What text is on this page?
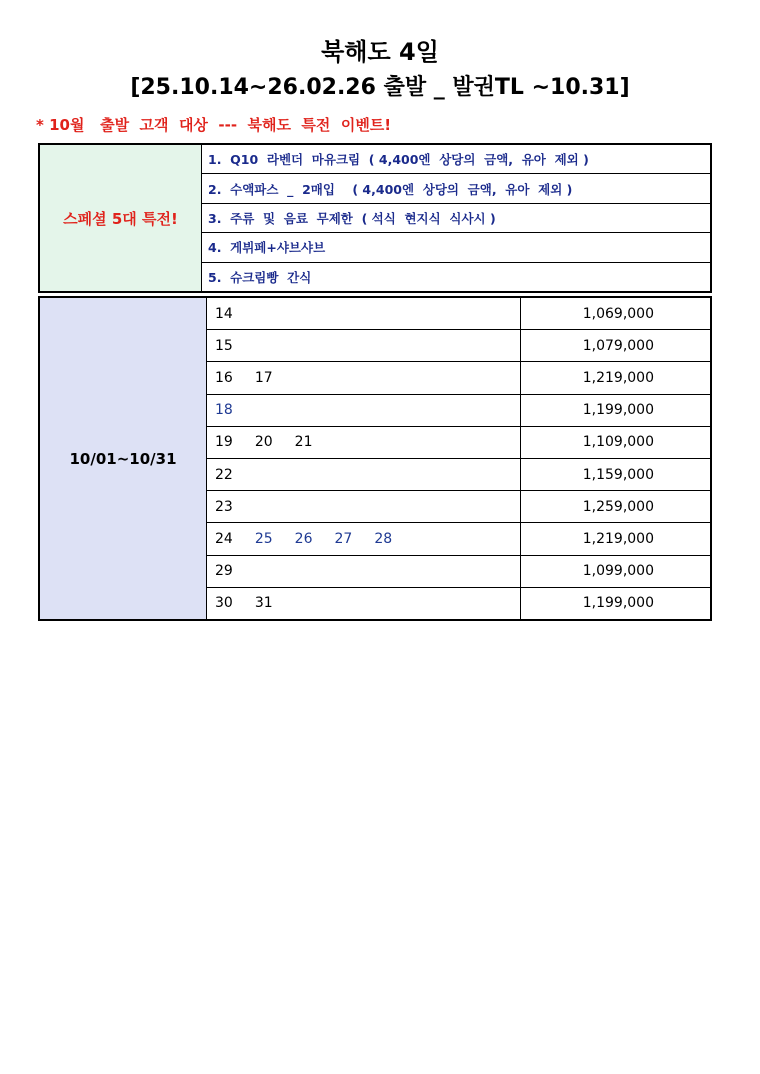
북해도 4일
[25.10.14~26.02.26 출발 _ 발권TL ~10.31]
* 10월   출발  고객  대상  ---  북해도  특전  이벤트!
스페셜 5대 특전!
1.  Q10  라벤더  마유크림  ( 4,400엔  상당의  금액,  유아  제외 )
2.  수액파스  _  2매입    ( 4,400엔  상당의  금액,  유아  제외 )
3.  주류  및  음료  무제한  ( 석식  현지식  식사시 )
4.  게뷔페+샤브샤브
5.  슈크림빵  간식
10/01~10/31
14	1,069,000
15	1,079,000
16 17	1,219,000
18	1,199,000
19 20 21	1,109,000
22	1,159,000
23	1,259,000
24 25 26 27 28	1,219,000
29	1,099,000
30 31	1,199,000
